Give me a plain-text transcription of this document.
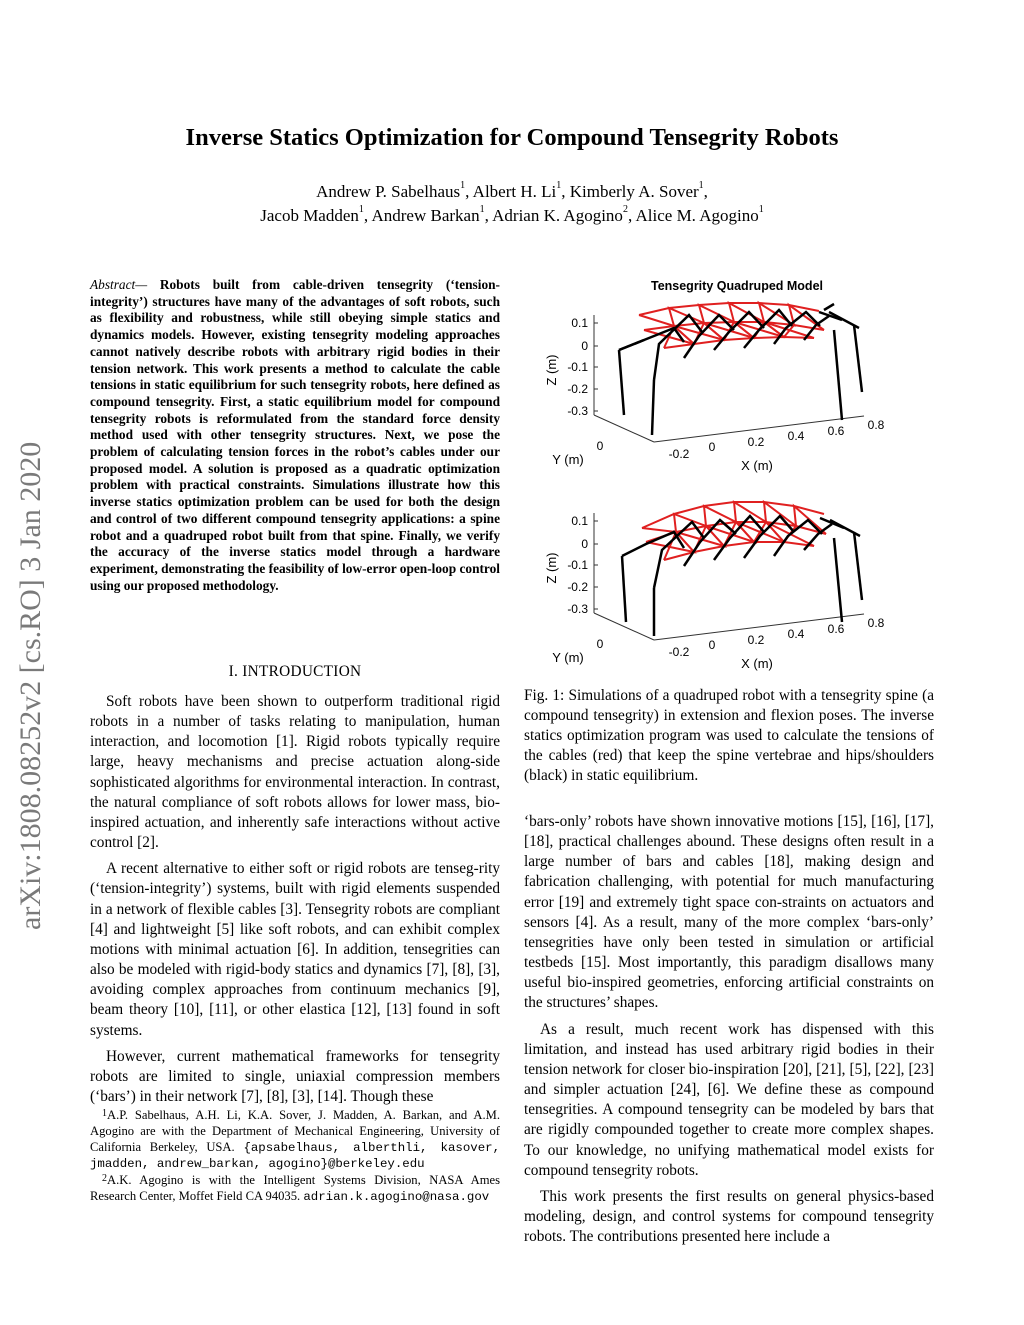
arXiv:1808.08252v2 [cs.RO] 3 Jan 2020
Inverse Statics Optimization for Compound Tensegrity Robots
Andrew P. Sabelhaus$^1$, Albert H. Li$^1$, Kimberly A. Sover$^1$,
Jacob Madden$^1$, Andrew Barkan$^1$, Adrian K. Agogino$^2$, Alice M. Agogino$^1$
Abstract— Robots built from cable-driven tensegrity (‘tension-integrity’) structures have many of the advantages of soft robots, such as flexibility and robustness, while still obeying simple statics and dynamics models. However, existing tensegrity modeling approaches cannot natively describe robots with arbitrary rigid bodies in their tension network. This work presents a method to calculate the cable tensions in static equilibrium for such tensegrity robots, here defined as compound tensegrity. First, a static equilibrium model for compound tensegrity robots is reformulated from the standard force density method used with other tensegrity structures. Next, we pose the problem of calculating tension forces in the robot’s cables under our proposed model. A solution is proposed as a quadratic optimization problem with practical constraints. Simulations illustrate how this inverse statics optimization problem can be used for both the design and control of two different compound tensegrity applications: a spine robot and a quadruped robot built from that spine. Finally, we verify the accuracy of the inverse statics model through a hardware experiment, demonstrating the feasibility of low-error open-loop control using our proposed methodology.
I. INTRODUCTION

Soft robots have been shown to outperform traditional rigid robots in a number of tasks relating to manipulation, human interaction, and locomotion [1]. Rigid robots typically require large, heavy mechanisms and precise actuation along-side sophisticated algorithms for environmental interaction. In contrast, the natural compliance of soft robots allows for lower mass, bio-inspired actuation, and inherently safe interactions without active control [2].

A recent alternative to either soft or rigid robots are tenseg-rity (‘tension-integrity’) systems, built with rigid elements suspended in a network of flexible cables [3]. Tensegrity robots are compliant [4] and lightweight [5] like soft robots, and can exhibit complex motions with minimal actuation [6]. In addition, tensegrities can also be modeled with rigid-body statics and dynamics [7], [8], [3], avoiding complex approaches from continuum mechanics [9], beam theory [10], [11], or other elastica [12], [13] found in soft systems.

However, current mathematical frameworks for tensegrity robots are limited to single, uniaxial compression members (‘bars’) in their network [7], [8], [3], [14]. Though these

$^1$A.P. Sabelhaus, A.H. Li, K.A. Sover, J. Madden, A. Barkan, and A.M. Agogino are with the Department of Mechanical Engineering, University of California Berkeley, USA. {apsabelhaus, alberthli, kasover, jmadden, andrew_barkan, agogino}@berkeley.edu

$^2$A.K. Agogino is with the Intelligent Systems Division, NASA Ames Research Center, Moffet Field CA 94035. adrian.k.agogino@nasa.gov

Tensegrity Quadruped Model
0.1
0
-0.1
-0.2
-0.3
Z (m)
0
-0.2
Y (m)
0	0.2 0.4 0.6 0.8
X (m)
0.1
0
-0.1
-0.2
-0.3
Z (m)
0
-0.2
Y (m)
0	0.2 0.4 0.6 0.8
X (m)
Fig. 1: Simulations of a quadruped robot with a tensegrity spine (a compound tensegrity) in extension and flexion poses. The inverse statics optimization program was used to calculate the tensions of the cables (red) that keep the spine vertebrae and hips/shoulders (black) in static equilibrium.

‘bars-only’ robots have shown innovative motions [15], [16], [17], [18], practical challenges abound. These designs often result in a large number of bars and cables [18], making design and fabrication challenging, with potential for much manufacturing error [19] and extremely tight space con-straints on actuators and sensors [4]. As a result, many of the more complex ‘bars-only’ tensegrities have only been tested in simulation or artificial testbeds [15]. Most importantly, this paradigm disallows many useful bio-inspired geometries, enforcing artificial constraints on the structures’ shapes.

As a result, much recent work has dispensed with this limitation, and instead has used arbitrary rigid bodies in their tension network for closer bio-inspiration [20], [21], [5], [22], [23] and simpler actuation [24], [6]. We define these as compound tensegrities. A compound tensegrity can be modeled by bars that are rigidly compounded together to create more complex shapes. To our knowledge, no unifying mathematical model exists for compound tensegrity robots.

This work presents the first results on general physics-based modeling, design, and control systems for compound tensegrity robots. The contributions presented here include a
